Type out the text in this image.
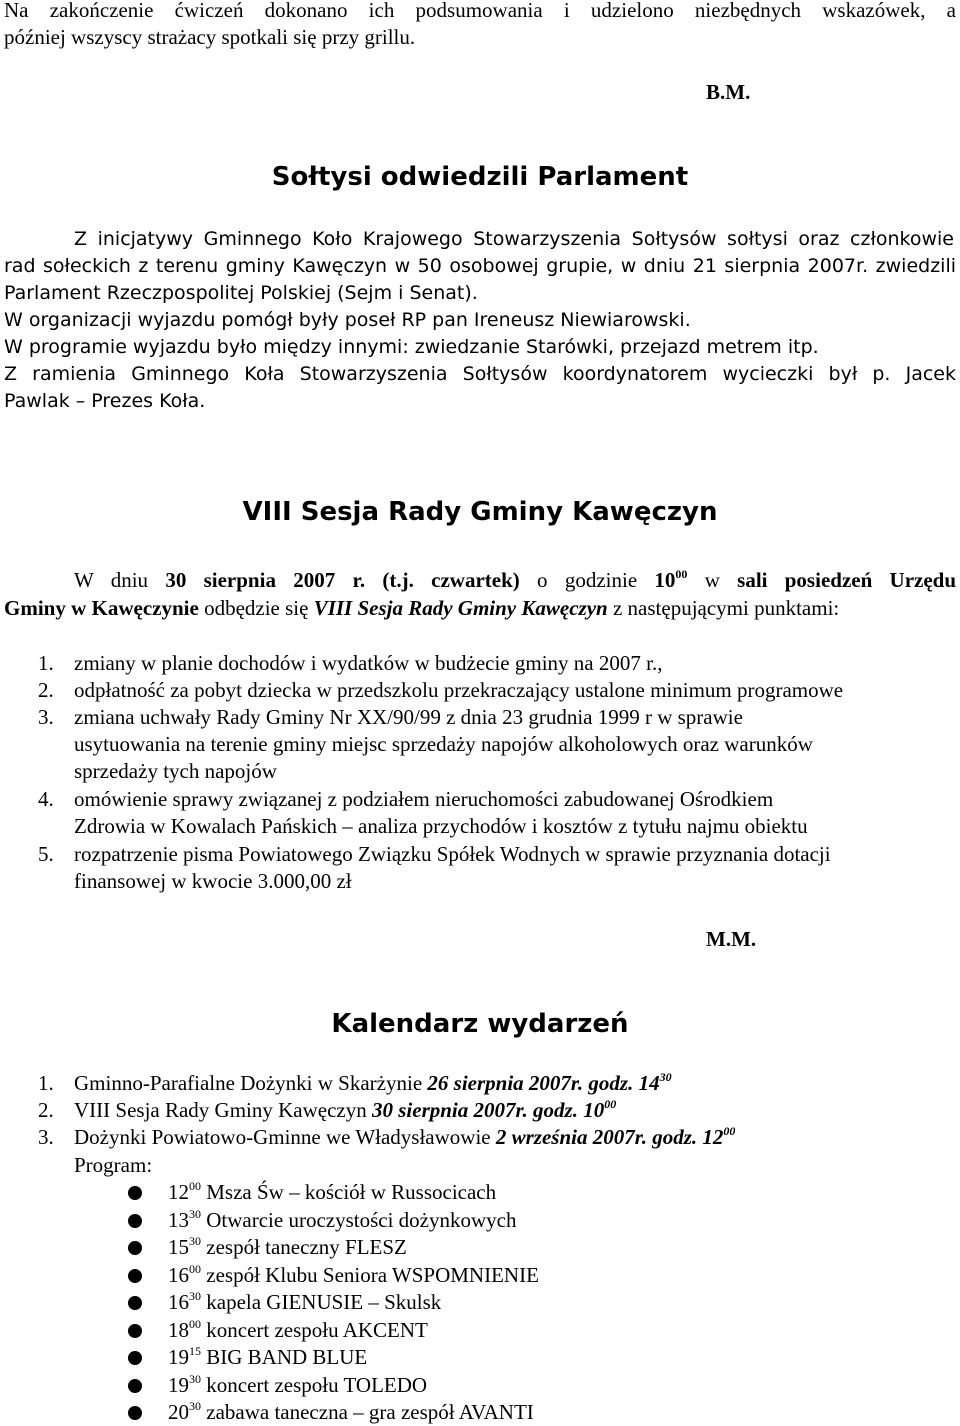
Na zakończenie ćwiczeń dokonano ich podsumowania i udzielono niezbędnych wskazówek, a
później wszyscy strażacy spotkali się przy grillu.
B.M.
Sołtysi odwiedzili Parlament
Z inicjatywy Gminnego Koło Krajowego Stowarzyszenia Sołtysów sołtysi oraz członkowie
rad sołeckich z terenu gminy Kawęczyn w 50 osobowej grupie, w dniu 21 sierpnia 2007r. zwiedzili
Parlament Rzeczpospolitej Polskiej (Sejm i Senat).
W organizacji wyjazdu pomógł były poseł RP pan Ireneusz Niewiarowski.
W programie wyjazdu było między innymi: zwiedzanie Starówki, przejazd metrem itp.
Z ramienia Gminnego Koła Stowarzyszenia Sołtysów koordynatorem wycieczki był p. Jacek
Pawlak – Prezes Koła.
VIII Sesja Rady Gminy Kawęczyn
W dniu 30 sierpnia 2007 r. (t.j. czwartek) o godzinie $10^{00}$ w sali posiedzeń Urzędu
Gminy w Kawęczynie odbędzie się VIII Sesja Rady Gminy Kawęczyn z następującymi punktami:
1. zmiany w planie dochodów i wydatków w budżecie gminy na 2007 r.,
2. odpłatność za pobyt dziecka w przedszkolu przekraczający ustalone minimum programowe
3. zmiana uchwały Rady Gminy Nr XX/90/99 z dnia 23 grudnia 1999 r w sprawie
usytuowania na terenie gminy miejsc sprzedaży napojów alkoholowych oraz warunków
sprzedaży tych napojów
4. omówienie sprawy związanej z podziałem nieruchomości zabudowanej Ośrodkiem
Zdrowia w Kowalach Pańskich – analiza przychodów i kosztów z tytułu najmu obiektu
5. rozpatrzenie pisma Powiatowego Związku Spółek Wodnych w sprawie przyznania dotacji
finansowej w kwocie 3.000,00 zł
M.M.
Kalendarz wydarzeń
1. Gminno-Parafialne Dożynki w Skarżynie 26 sierpnia 2007r. godz. $14^{30}$
2. VIII Sesja Rady Gminy Kawęczyn 30 sierpnia 2007r. godz. $10^{00}$
3. Dożynki Powiatowo-Gminne we Władysławowie 2 września 2007r. godz. $12^{00}$
Program:
$12^{00}$ Msza Św – kościół w Russocicach
$13^{30}$ Otwarcie uroczystości dożynkowych
$15^{30}$ zespół taneczny FLESZ
$16^{00}$ zespół Klubu Seniora WSPOMNIENIE
$16^{30}$ kapela GIENUSIE – Skulsk
$18^{00}$ koncert zespołu AKCENT
$19^{15}$ BIG BAND BLUE
$19^{30}$ koncert zespołu TOLEDO
$20^{30}$ zabawa taneczna – gra zespół AVANTI
